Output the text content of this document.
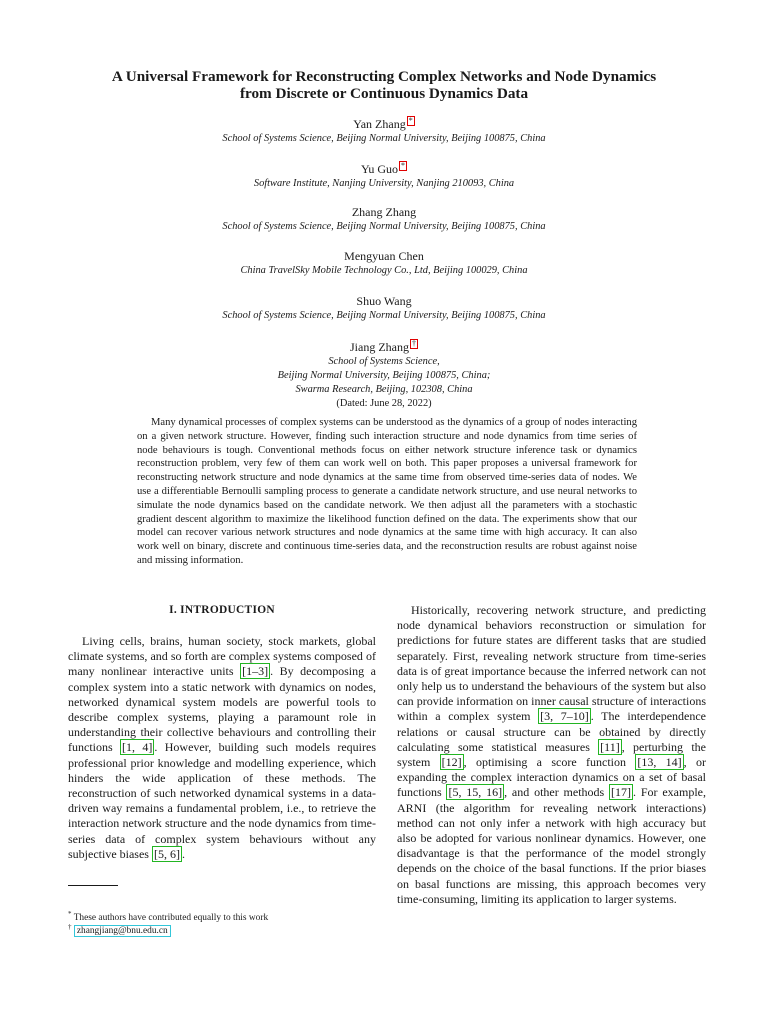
A Universal Framework for Reconstructing Complex Networks and Node Dynamics
from Discrete or Continuous Dynamics Data
Yan Zhang *
School of Systems Science, Beijing Normal University, Beijing 100875, China
Yu Guo *
Software Institute, Nanjing University, Nanjing 210093, China
Zhang Zhang
School of Systems Science, Beijing Normal University, Beijing 100875, China
Mengyuan Chen
China TravelSky Mobile Technology Co., Ltd, Beijing 100029, China
Shuo Wang
School of Systems Science, Beijing Normal University, Beijing 100875, China
Jiang Zhang †
School of Systems Science,
Beijing Normal University, Beijing 100875, China;
Swarma Research, Beijing, 102308, China
(Dated: June 28, 2022)
Many dynamical processes of complex systems can be understood as the dynamics of a group of nodes interacting on a given network structure. However, finding such interaction structure and node dynamics from time series of node behaviours is tough. Conventional methods focus on either network structure inference task or dynamics reconstruction problem, very few of them can work well on both. This paper proposes a universal framework for reconstructing network structure and node dynamics at the same time from observed time-series data of nodes. We use a differentiable Bernoulli sampling process to generate a candidate network structure, and use neural networks to simulate the node dynamics based on the candidate network. We then adjust all the parameters with a stochastic gradient descent algorithm to maximize the likelihood function defined on the data. The experiments show that our model can recover various network structures and node dynamics at the same time with high accuracy. It can also work well on binary, discrete and continuous time-series data, and the reconstruction results are robust against noise and missing information.
I. INTRODUCTION

Living cells, brains, human society, stock markets, global climate systems, and so forth are complex systems composed of many nonlinear interactive units [1–3] . By decomposing a complex system into a static network with dynamics on nodes, networked dynamical system models are powerful tools to describe complex systems, playing a paramount role in understanding their collective behaviours and controlling their functions [1, 4] . However, building such models requires professional prior knowledge and modelling experience, which hinders the wide application of these methods. The reconstruction of such networked dynamical systems in a data-driven way remains a fundamental problem, i.e., to retrieve the interaction network structure and the node dynamics from time-series data of complex system behaviours without any subjective biases [5, 6] .

Historically, recovering network structure, and predicting node dynamical behaviors reconstruction or simulation for predictions for future states are different tasks that are studied separately. First, revealing network structure from time-series data is of great importance because the inferred network can not only help us to understand the behaviours of the system but also can provide information on inner causal structure of interactions within a complex system [3, 7–10] . The interdependence relations or causal structure can be obtained by directly calculating some statistical measures [11] , perturbing the system [12] , optimising a score function [13, 14] , or expanding the complex interaction dynamics on a set of basal functions [5, 15, 16] , and other methods [17] . For example, ARNI (the algorithm for revealing network interactions) method can not only infer a network with high accuracy but also be adopted for various nonlinear dynamics. However, one disadvantage is that the performance of the model strongly depends on the choice of the basal functions. If the prior biases on basal functions are missing, this approach becomes very time-consuming, limiting its application to larger systems.

* These authors have contributed equally to this work
† zhangjiang@bnu.edu.cn
